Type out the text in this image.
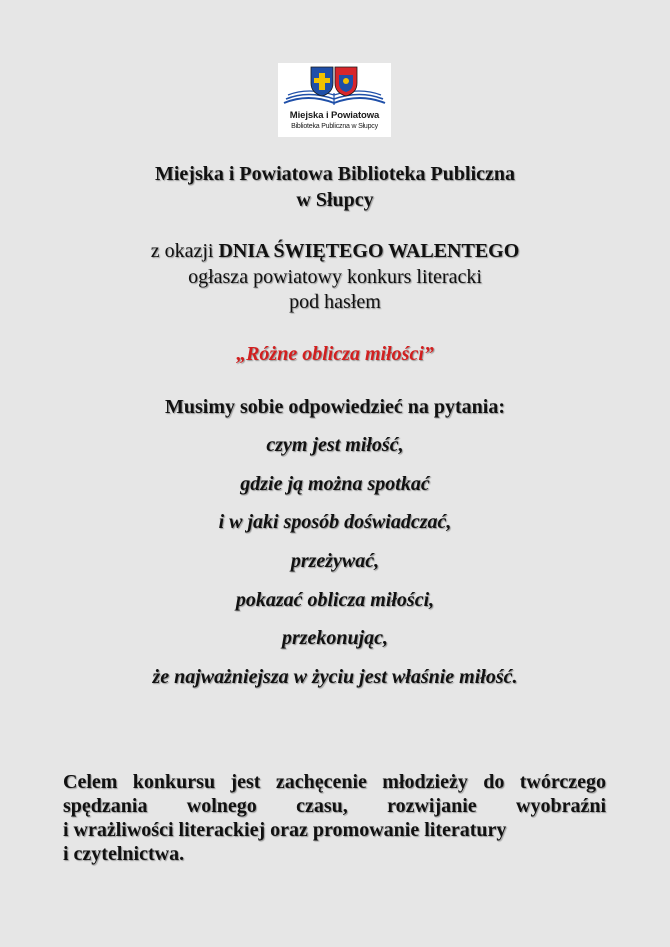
Miejska i Powiatowa
Biblioteka Publiczna w Słupcy
Miejska i Powiatowa Biblioteka Publiczna
w Słupcy
z okazji DNIA ŚWIĘTEGO WALENTEGO
ogłasza powiatowy konkurs literacki
pod hasłem
„Różne oblicza miłości”
Musimy sobie odpowiedzieć na pytania:
czym jest miłość,
gdzie ją można spotkać
i w jaki sposób doświadczać,
przeżywać,
pokazać oblicza miłości,
przekonując,
że najważniejsza w życiu jest właśnie miłość.
Celem konkursu jest zachęcenie młodzieży do twórczego
spędzania wolnego czasu, rozwijanie wyobraźni
i wrażliwości literackiej oraz promowanie literatury
i czytelnictwa.
